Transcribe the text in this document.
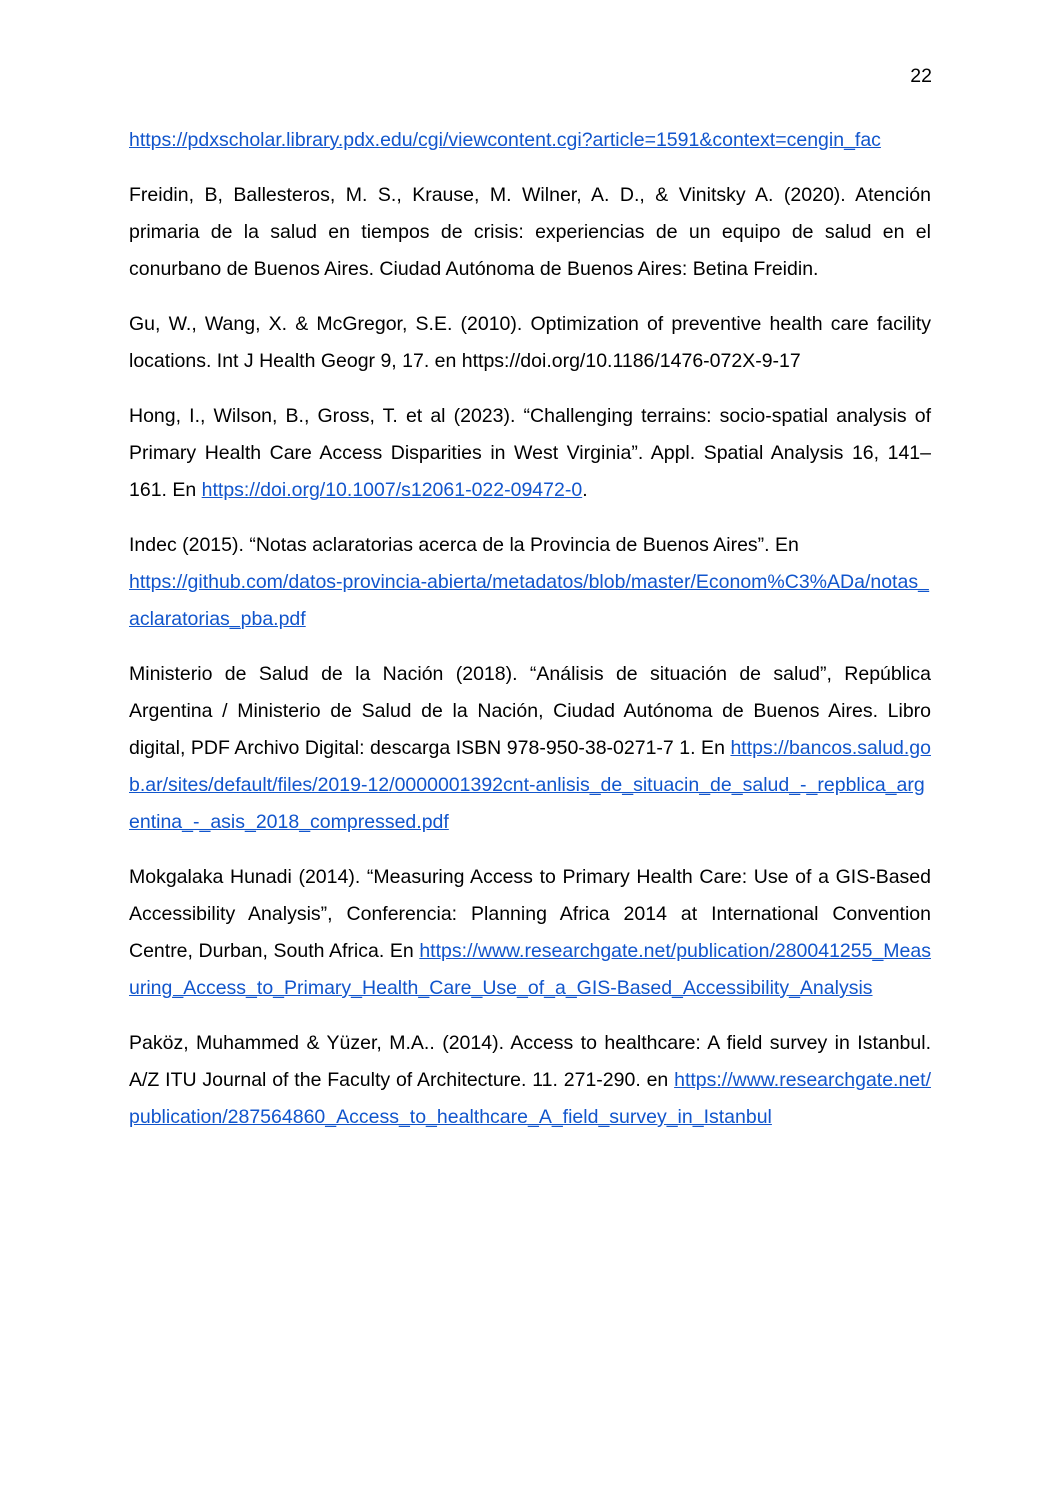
22

https://pdxscholar.library.pdx.edu/cgi/viewcontent.cgi?article=1591&context=cengin_fac

Freidin, B, Ballesteros, M. S., Krause, M. Wilner, A. D., & Vinitsky A. (2020). Atención primaria de la salud en tiempos de crisis: experiencias de un equipo de salud en el conurbano de Buenos Aires. Ciudad Autónoma de Buenos Aires: Betina Freidin.

Gu, W., Wang, X. & McGregor, S.E. (2010). Optimization of preventive health care facility locations. Int J Health Geogr 9, 17. en https://doi.org/10.1186/1476-072X-9-17

Hong, I., Wilson, B., Gross, T. et al (2023). “Challenging terrains: socio-spatial analysis of Primary Health Care Access Disparities in West Virginia”. Appl. Spatial Analysis 16, 141–161. En https://doi.org/10.1007/s12061-022-09472-0.

Indec (2015). “Notas aclaratorias acerca de la Provincia de Buenos Aires”. En
https://github.com/datos-provincia-abierta/metadatos/blob/master/Econom%C3%ADa/notas_aclaratorias_pba.pdf

Ministerio de Salud de la Nación (2018). “Análisis de situación de salud”, República Argentina / Ministerio de Salud de la Nación, Ciudad Autónoma de Buenos Aires. Libro digital, PDF Archivo Digital: descarga ISBN 978-950-38-0271-7 1. En https://bancos.salud.gob.ar/sites/default/files/2019-12/0000001392cnt-anlisis_de_situacin_de_salud_-_repblica_argentina_-_asis_2018_compressed.pdf

Mokgalaka Hunadi (2014). “Measuring Access to Primary Health Care: Use of a GIS-Based Accessibility Analysis”, Conferencia: Planning Africa 2014 at International Convention Centre, Durban, South Africa. En https://www.researchgate.net/publication/280041255_Measuring_Access_to_Primary_Health_Care_Use_of_a_GIS-Based_Accessibility_Analysis

Paköz, Muhammed & Yüzer, M.A.. (2014). Access to healthcare: A field survey in Istanbul. A/Z ITU Journal of the Faculty of Architecture. 11. 271-290. en https://www.researchgate.net/publication/287564860_Access_to_healthcare_A_field_survey_in_Istanbul
